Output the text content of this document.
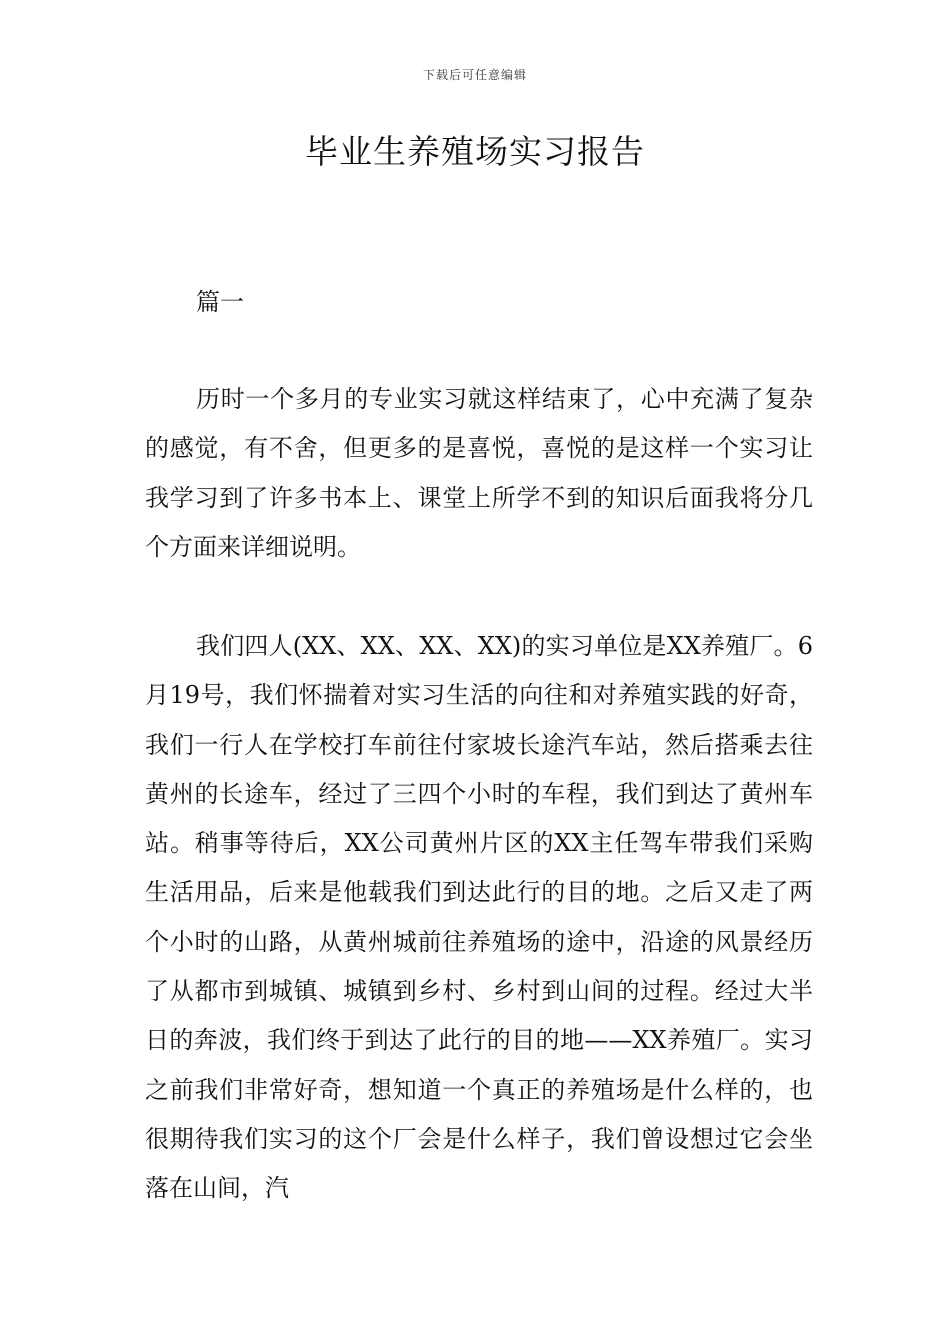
下载后可任意编辑
毕业生养殖场实习报告
篇一

历时一个多月的专业实习就这样结束了，心中充满了复杂的感觉，有不舍，但更多的是喜悦，喜悦的是这样一个实习让我学习到了许多书本上、课堂上所学不到的知识后面我将分几个方面来详细说明。

我们四人(XX、XX、XX、XX)的实习单位是XX养殖厂。6月19号，我们怀揣着对实习生活的向往和对养殖实践的好奇，我们一行人在学校打车前往付家坡长途汽车站，然后搭乘去往黄州的长途车，经过了三四个小时的车程，我们到达了黄州车站。稍事等待后，XX公司黄州片区的XX主任驾车带我们采购生活用品，后来是他载我们到达此行的目的地。之后又走了两个小时的山路，从黄州城前往养殖场的途中，沿途的风景经历了从都市到城镇、城镇到乡村、乡村到山间的过程。经过大半日的奔波，我们终于到达了此行的目的地——XX养殖厂。实习之前我们非常好奇，想知道一个真正的养殖场是什么样的，也很期待我们实习的这个厂会是什么样子，我们曾设想过它会坐落在山间，汽
